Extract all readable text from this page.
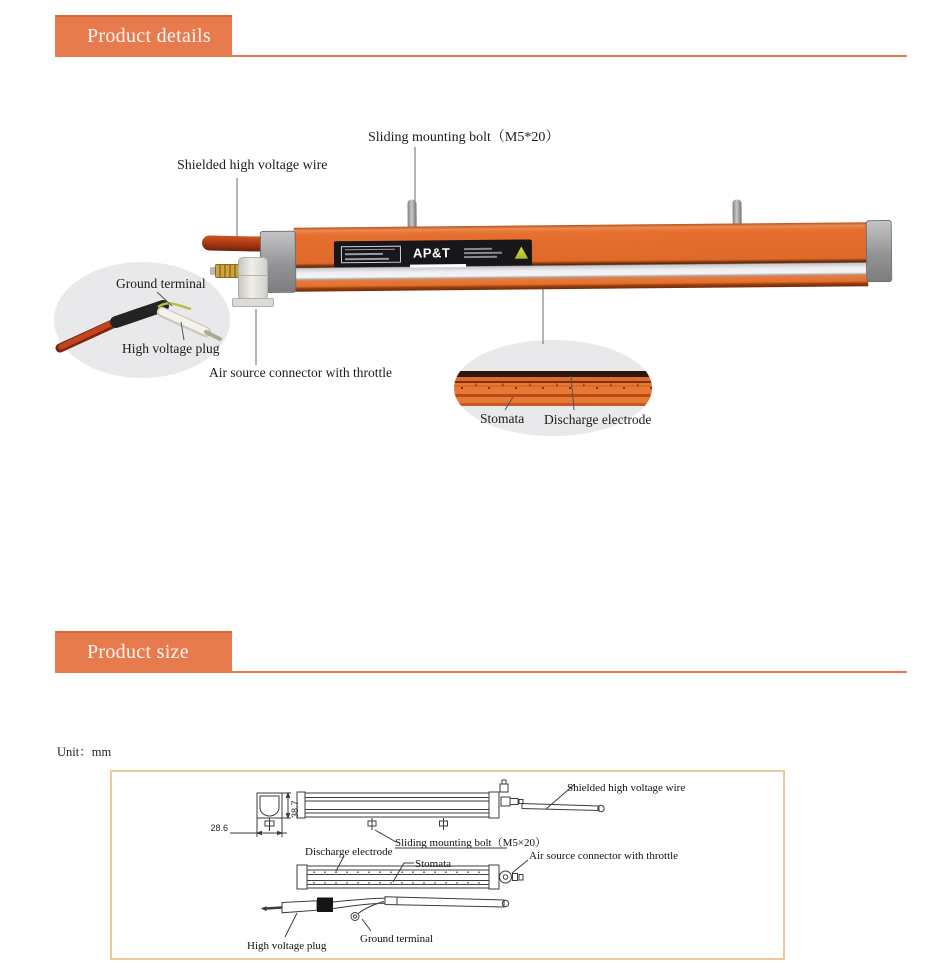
Product details
AP&T
Sliding mounting bolt（M5*20）
Shielded high voltage wire
Ground terminal
High voltage plug
Air source connector with throttle
Stomata Discharge electrode
Product size
Unit：mm
38.7
28.6
Shielded high voltage wire
Sliding mounting bolt（M5×20）
Discharge electrode
Stomata
Air source connector with throttle
High voltage plug
Ground terminal
